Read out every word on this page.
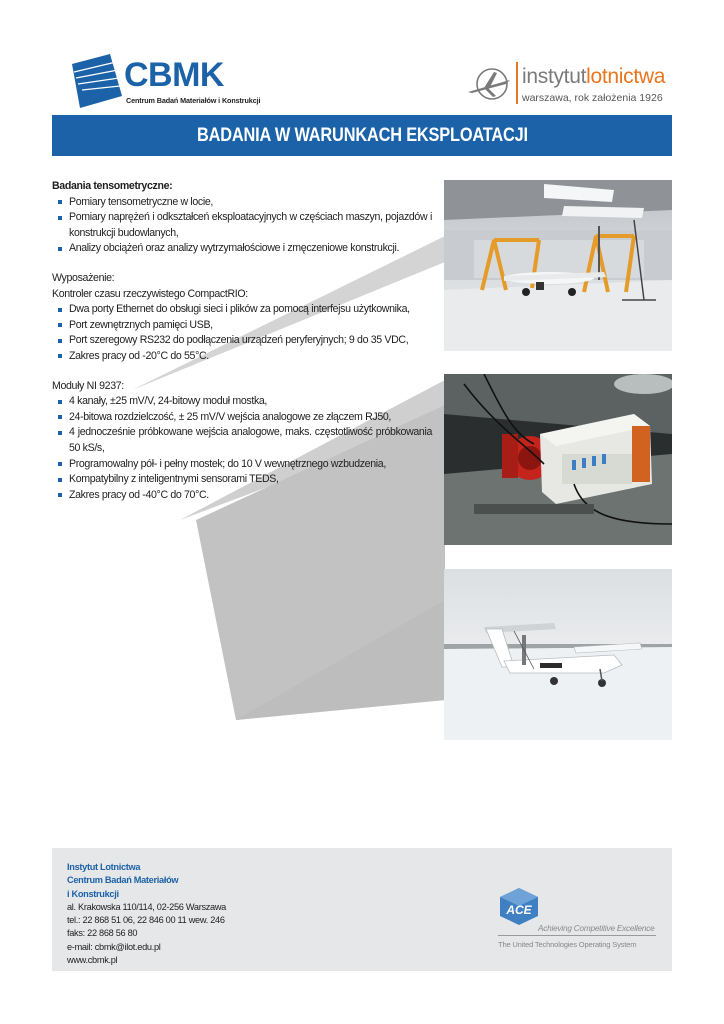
CBMK
Centrum Badań Materiałów i Konstrukcji
instytutlotnictwa
warszawa, rok założenia 1926
BADANIA W WARUNKACH EKSPLOATACJI
Badania tensometryczne:
Pomiary tensometryczne w locie,
Pomiary naprężeń i odkształceń eksploatacyjnych w częściach maszyn, pojazdów i konstrukcji budowlanych,
Analizy obciążeń oraz analizy wytrzymałościowe i zmęczeniowe konstrukcji.
Wyposażenie:
Kontroler czasu rzeczywistego CompactRIO:
Dwa porty Ethernet do obsługi sieci i plików za pomocą interfejsu użytkownika,
Port zewnętrznych pamięci USB,
Port szeregowy RS232 do podłączenia urządzeń peryferyjnych; 9 do 35 VDC,
Zakres pracy od -20°C do 55°C.
Moduły NI 9237:
4 kanały, ±25 mV/V, 24-bitowy moduł mostka,
24-bitowa rozdzielczość, ± 25 mV/V wejścia analogowe ze złączem RJ50,
4 jednocześnie próbkowane wejścia analogowe, maks. częstotliwość próbkowania 50 kS/s,
Programowalny pół- i pełny mostek; do 10 V wewnętrznego wzbudzenia,
Kompatybilny z inteligentnymi sensorami TEDS,
Zakres pracy od -40°C do 70°C.
Instytut Lotnictwa
Centrum Badań Materiałów
i Konstrukcji
al. Krakowska 110/114, 02-256 Warszawa
tel.: 22 868 51 06, 22 846 00 11 wew. 246
faks: 22 868 56 80
e-mail: cbmk@ilot.edu.pl
www.cbmk.pl
ACE
Achieving Competitive Excellence
The United Technologies Operating System
